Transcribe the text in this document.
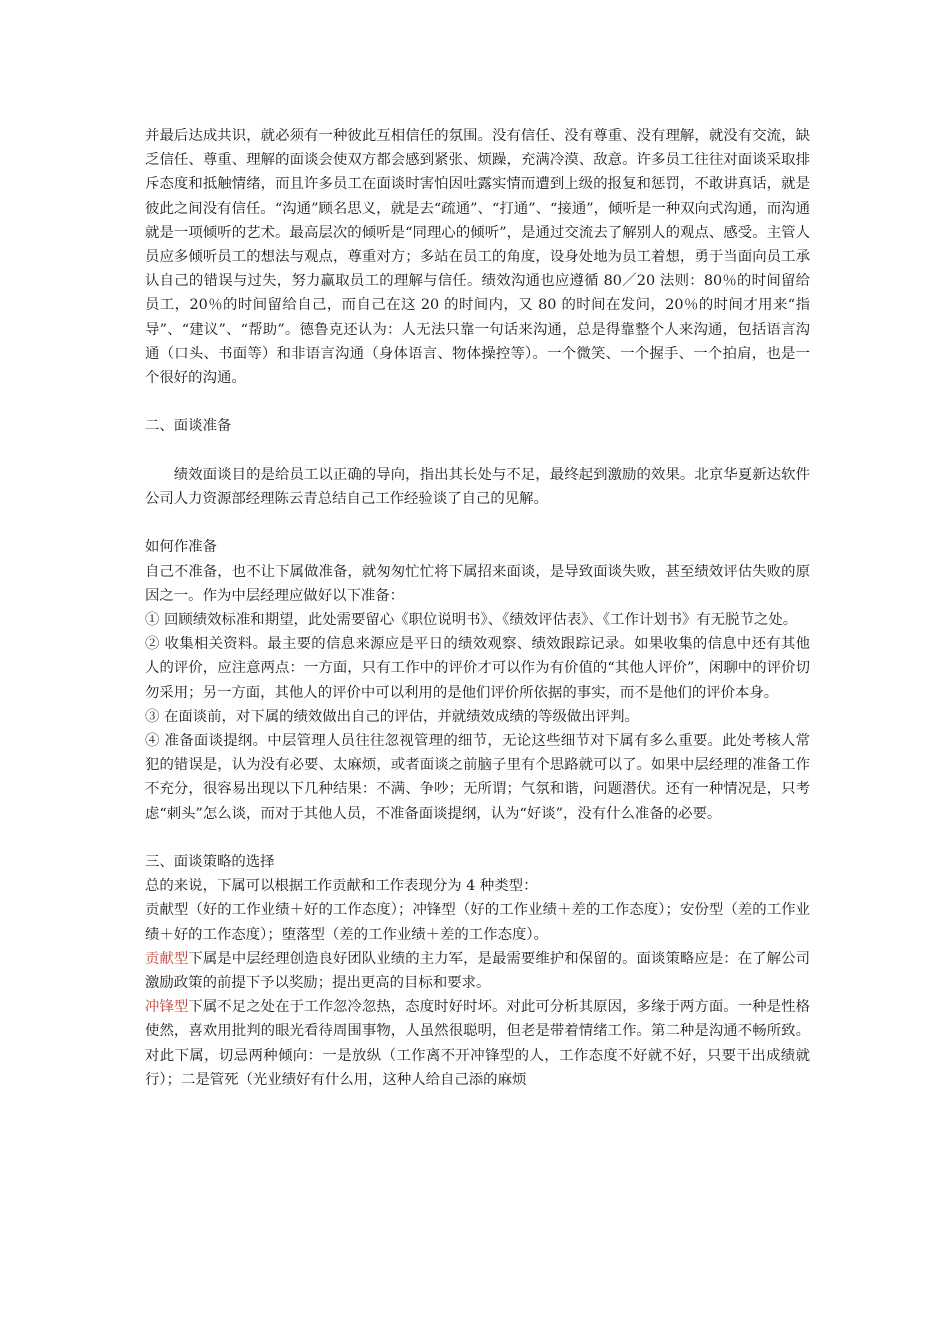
并最后达成共识，就必须有一种彼此互相信任的氛围。没有信任、没有尊重、没有理解，就没有交流，缺乏信任、尊重、理解的面谈会使双方都会感到紧张、烦躁，充满冷漠、敌意。许多员工往往对面谈采取排斥态度和抵触情绪，而且许多员工在面谈时害怕因吐露实情而遭到上级的报复和惩罚，不敢讲真话，就是彼此之间没有信任。“沟通”顾名思义，就是去“疏通”、“打通”、“接通”，倾听是一种双向式沟通，而沟通就是一项倾听的艺术。最高层次的倾听是“同理心的倾听”，是通过交流去了解别人的观点、感受。主管人员应多倾听员工的想法与观点，尊重对方；多站在员工的角度，设身处地为员工着想，勇于当面向员工承认自己的错误与过失，努力赢取员工的理解与信任。绩效沟通也应遵循 80／20 法则：80％的时间留给员工，20％的时间留给自己，而自己在这 20 的时间内，又 80 的时间在发问，20％的时间才用来“指导”、“建议”、“帮助”。德鲁克还认为：人无法只靠一句话来沟通，总是得靠整个人来沟通，包括语言沟通（口头、书面等）和非语言沟通（身体语言、物体操控等）。一个微笑、一个握手、一个拍肩，也是一个很好的沟通。

二、面谈准备

绩效面谈目的是给员工以正确的导向，指出其长处与不足，最终起到激励的效果。北京华夏新达软件公司人力资源部经理陈云青总结自己工作经验谈了自己的见解。

如何作准备

自己不准备，也不让下属做准备，就匆匆忙忙将下属招来面谈，是导致面谈失败，甚至绩效评估失败的原因之一。作为中层经理应做好以下准备：

① 回顾绩效标准和期望，此处需要留心《职位说明书》、《绩效评估表》、《工作计划书》有无脱节之处。

② 收集相关资料。最主要的信息来源应是平日的绩效观察、绩效跟踪记录。如果收集的信息中还有其他人的评价，应注意两点：一方面，只有工作中的评价才可以作为有价值的“其他人评价”，闲聊中的评价切勿采用；另一方面，其他人的评价中可以利用的是他们评价所依据的事实，而不是他们的评价本身。

③ 在面谈前，对下属的绩效做出自己的评估，并就绩效成绩的等级做出评判。

④ 准备面谈提纲。中层管理人员往往忽视管理的细节，无论这些细节对下属有多么重要。此处考核人常犯的错误是，认为没有必要、太麻烦，或者面谈之前脑子里有个思路就可以了。如果中层经理的准备工作不充分，很容易出现以下几种结果：不满、争吵；无所谓；气氛和谐，问题潜伏。还有一种情况是，只考虑“刺头”怎么谈，而对于其他人员，不准备面谈提纲，认为“好谈”，没有什么准备的必要。

三、面谈策略的选择

总的来说，下属可以根据工作贡献和工作表现分为 4 种类型：

贡献型（好的工作业绩＋好的工作态度）；冲锋型（好的工作业绩＋差的工作态度）；安份型（差的工作业绩＋好的工作态度）；堕落型（差的工作业绩＋差的工作态度）。

贡献型下属是中层经理创造良好团队业绩的主力军，是最需要维护和保留的。面谈策略应是：在了解公司激励政策的前提下予以奖励；提出更高的目标和要求。

冲锋型下属不足之处在于工作忽冷忽热，态度时好时坏。对此可分析其原因，多缘于两方面。一种是性格使然，喜欢用批判的眼光看待周围事物，人虽然很聪明，但老是带着情绪工作。第二种是沟通不畅所致。对此下属，切忌两种倾向：一是放纵（工作离不开冲锋型的人，工作态度不好就不好，只要干出成绩就行）；二是管死（光业绩好有什么用，这种人给自己添的麻烦
